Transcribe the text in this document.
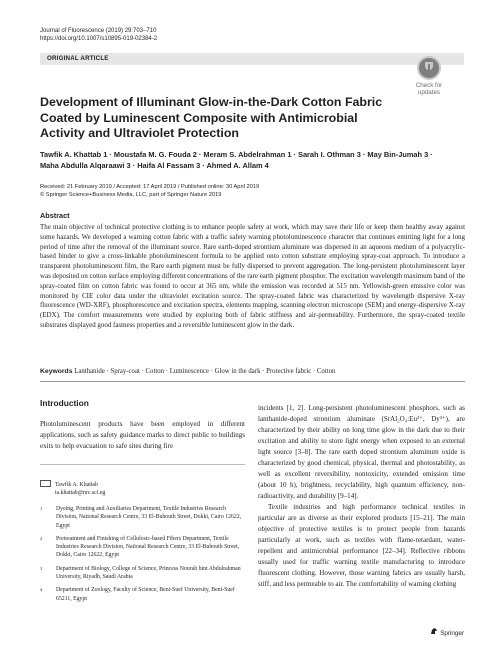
Journal of Fluorescence (2019) 29:703–710
https://doi.org/10.1007/s10895-019-02384-2
ORIGINAL ARTICLE
Check for
updates
Development of Illuminant Glow-in-the-Dark Cotton Fabric Coated by Luminescent Composite with Antimicrobial Activity and Ultraviolet Protection
Tawfik A. Khattab 1 · Moustafa M. G. Fouda 2 · Meram S. Abdelrahman 1 · Sarah I. Othman 3 · May Bin-Jumah 3 ·
Maha Abdulla Alqaraawi 3 · Haifa Al Fassam 3 · Ahmed A. Allam 4
Received: 21 February 2019 / Accepted: 17 April 2019 / Published online: 30 April 2019
© Springer Science+Business Media, LLC, part of Springer Nature 2019
Abstract
The main objective of technical protective clothing is to enhance people safety at work, which may save their life or keep them healthy away against some hazards. We developed a warning cotton fabric with a traffic safety warning photoluminescence character that continues emitting light for a long period of time after the removal of the illuminant source. Rare earth-doped strontium aluminate was dispersed in an aqueous medium of a polyacrylic-based binder to give a cross-linkable photoluminescent formula to be applied onto cotton substrate employing spray-coat approach. To introduce a transparent photoluminescent film, the Rare earth pigment must be fully dispersed to prevent aggregation. The long-persistent photoluminescent layer was deposited on cotton surface employing different concentrations of the rare earth pigment phosphor. The excitation wavelength maximum band of the spray-coated film on cotton fabric was found to occur at 365 nm, while the emission was recorded at 515 nm. Yellowish-green emissive color was monitored by CIE color data under the ultraviolet excitation source. The spray-coated fabric was characterized by wavelength dispersive X-ray fluorescence (WD-XRF), phosphorescence and excitation spectra, elements mapping, scanning electron microscope (SEM) and energy-dispersive X-ray (EDX). The comfort measurements were studied by exploring both of fabric stiffness and air-permeability. Furthermore, the spray-coated textile substrates displayed good fastness properties and a reversible luminescent glow in the dark.
Keywords Lanthanide · Spray-coat · Cotton · Luminescence · Glow in the dark · Protective fabric · Cotton
Introduction
Photoluminescent products have been employed in different applications, such as safety guidance marks to direct public to buildings exits to help evacuation to safe sites during fire
Tawfik A. Khattab
ta.khattab@nrc.sci.eg
1	Dyeing, Printing and Auxiliaries Department, Textile Industries Research Division, National Research Centre, 33 El-Buhouth Street, Dokki, Cairo 12622, Egypt
2	Pretreatment and Finishing of Cellulosic-based Fibers Department, Textile Industries Research Division, National Research Centre, 33 El-Buhouth Street, Dokki, Cairo 12622, Egypt
3	Department of Biology, College of Science, Princess Nourah bint Abdulrahman University, Riyadh, Saudi Arabia
4	Department of Zoology, Faculty of Science, Beni-Suef University, Beni-Suef 65211, Egypt
incidents [1, 2]. Long-persistent photoluminescent phosphors, such as lanthanide-doped strontium aluminate (SrAl₂O₄:Eu²⁺, Dy³⁺), are characterized by their ability on long time glow in the dark due to their excitation and ability to store light energy when exposed to an external light source [3–8]. The rare earth doped strontium aluminum oxide is characterized by good chemical, physical, thermal and photostability, as well as excellent reversibility, nontoxicity, extended emission time (about 10 h), brightness, recyclability, high quantum efficiency, non-radioactivity, and durability [9–14].
Textile industries and high performance technical textiles in particular are as diverse as their explored products [15–21]. The main objective of protective textiles is to protect people from hazards particularly at work, such as textiles with flame-retardant, water-repellent and antimicrobial performance [22–34]. Reflective ribbons usually used for traffic warning textile manufacturing to introduce fluorescent clothing. However, those warning fabrics are usually harsh, stiff, and less permeable to air. The comfortability of warning clothing
Springer
